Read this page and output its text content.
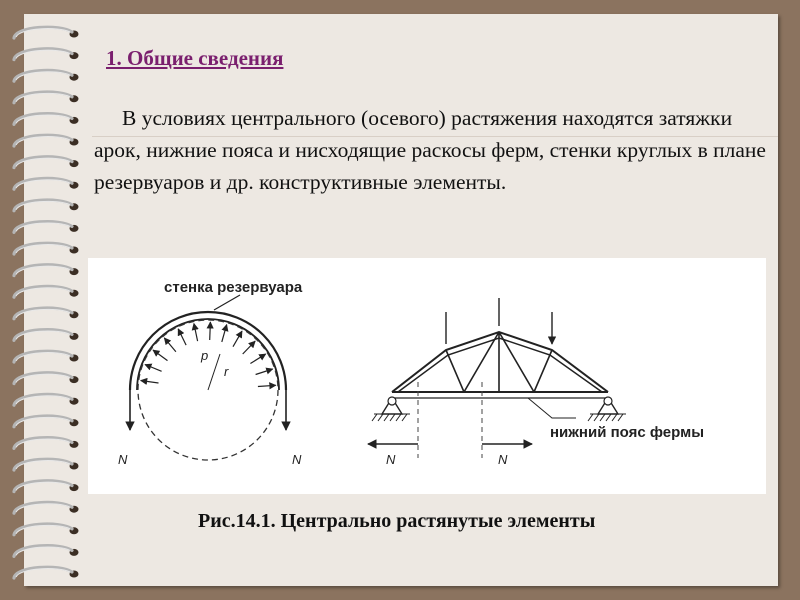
1. Общие сведения

В условиях центрального (осевого) растяжения находятся затяжки арок, нижние пояса и нисходящие раскосы ферм, стенки круглых в плане резервуаров и др. конструктивные элементы.

стенка резервуара
p
r
N	N	N	N
нижний пояс фермы

Рис.14.1. Центрально растянутые элементы
